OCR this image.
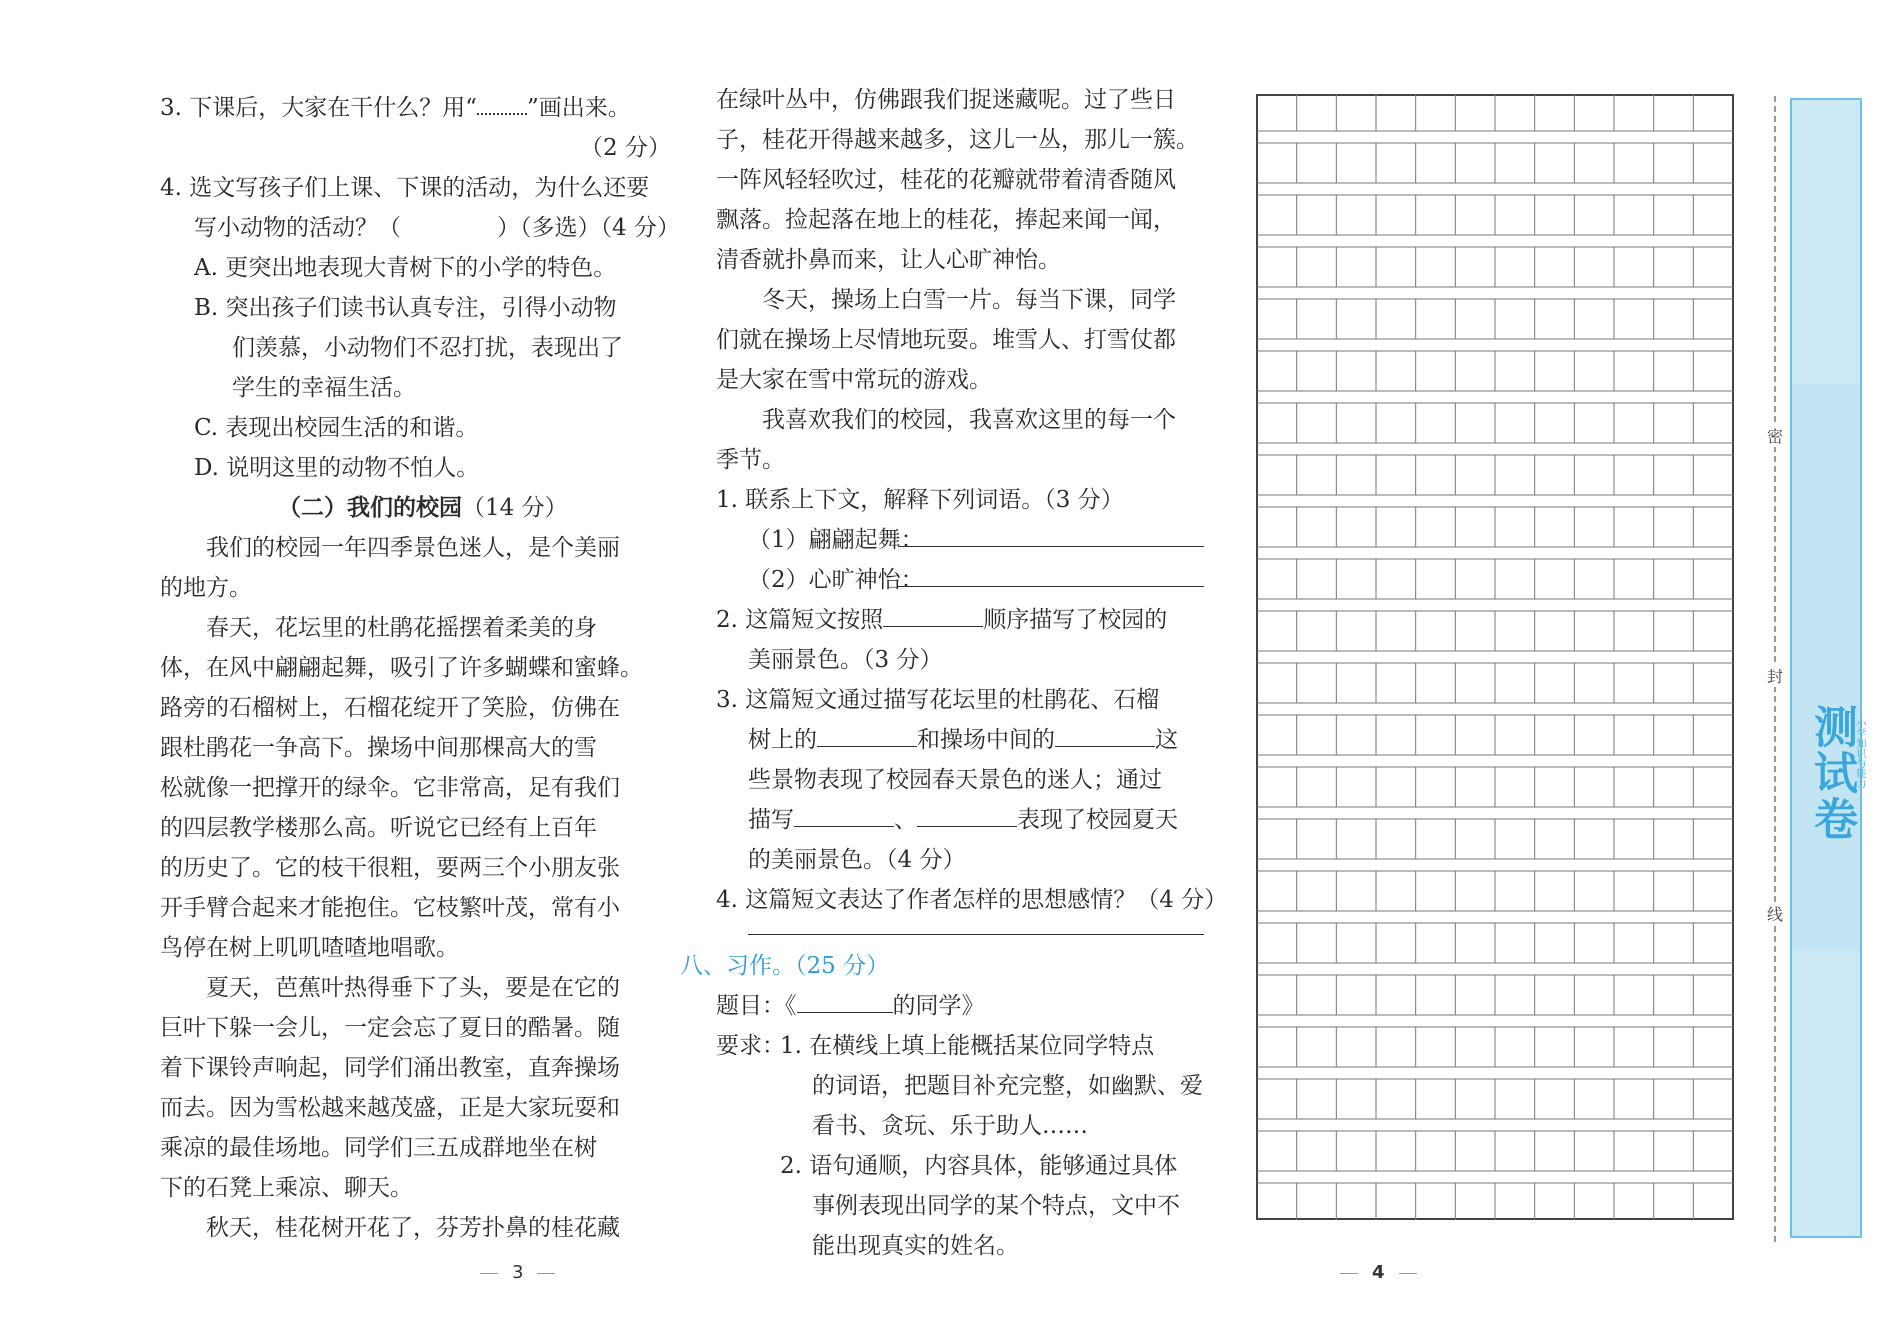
3. 下课后，大家在干什么？用“ ”画出来。
（2 分）
4. 选文写孩子们上课、下课的活动，为什么还要
写小动物的活动？（	）（多选）（4 分）
A. 更突出地表现大青树下的小学的特色。
B. 突出孩子们读书认真专注，引得小动物
们羡慕，小动物们不忍打扰，表现出了
学生的幸福生活。
C. 表现出校园生活的和谐。
D. 说明这里的动物不怕人。
（二）我们的校园（14 分）
我们的校园一年四季景色迷人，是个美丽
的地方。
春天，花坛里的杜鹃花摇摆着柔美的身
体，在风中翩翩起舞，吸引了许多蝴蝶和蜜蜂。
路旁的石榴树上，石榴花绽开了笑脸，仿佛在
跟杜鹃花一争高下。操场中间那棵高大的雪
松就像一把撑开的绿伞。它非常高，足有我们
的四层教学楼那么高。听说它已经有上百年
的历史了。它的枝干很粗，要两三个小朋友张
开手臂合起来才能抱住。它枝繁叶茂，常有小
鸟停在树上叽叽喳喳地唱歌。
夏天，芭蕉叶热得垂下了头，要是在它的
巨叶下躲一会儿，一定会忘了夏日的酷暑。随
着下课铃声响起，同学们涌出教室，直奔操场
而去。因为雪松越来越茂盛，正是大家玩耍和
乘凉的最佳场地。同学们三五成群地坐在树
下的石凳上乘凉、聊天。
秋天，桂花树开花了，芬芳扑鼻的桂花藏
在绿叶丛中，仿佛跟我们捉迷藏呢。过了些日
子，桂花开得越来越多，这儿一丛，那儿一簇。
一阵风轻轻吹过，桂花的花瓣就带着清香随风
飘落。捡起落在地上的桂花，捧起来闻一闻，
清香就扑鼻而来，让人心旷神怡。
冬天，操场上白雪一片。每当下课，同学
们就在操场上尽情地玩耍。堆雪人、打雪仗都
是大家在雪中常玩的游戏。
我喜欢我们的校园，我喜欢这里的每一个
季节。
1. 联系上下文，解释下列词语。（3 分）
（1）翩翩起舞：
（2）心旷神怡：
2. 这篇短文按照	顺序描写了校园的
美丽景色。（3 分）
3. 这篇短文通过描写花坛里的杜鹃花、石榴
树上的	和操场中间的	这
些景物表现了校园春天景色的迷人；通过
描写	、	表现了校园夏天
的美丽景色。（4 分）
4. 这篇短文表达了作者怎样的思想感情？（4 分）
八、习作。（25 分）
题目：《	的同学》
要求：
1. 在横线上填上能概括某位同学特点
的词语，把题目补充完整，如幽默、爱
看书、贪玩、乐于助人……
2. 语句通顺，内容具体，能够通过具体
事例表现出同学的某个特点，文中不
能出现真实的姓名。
3	4
密
封
线
测试卷
小学知识与能力
